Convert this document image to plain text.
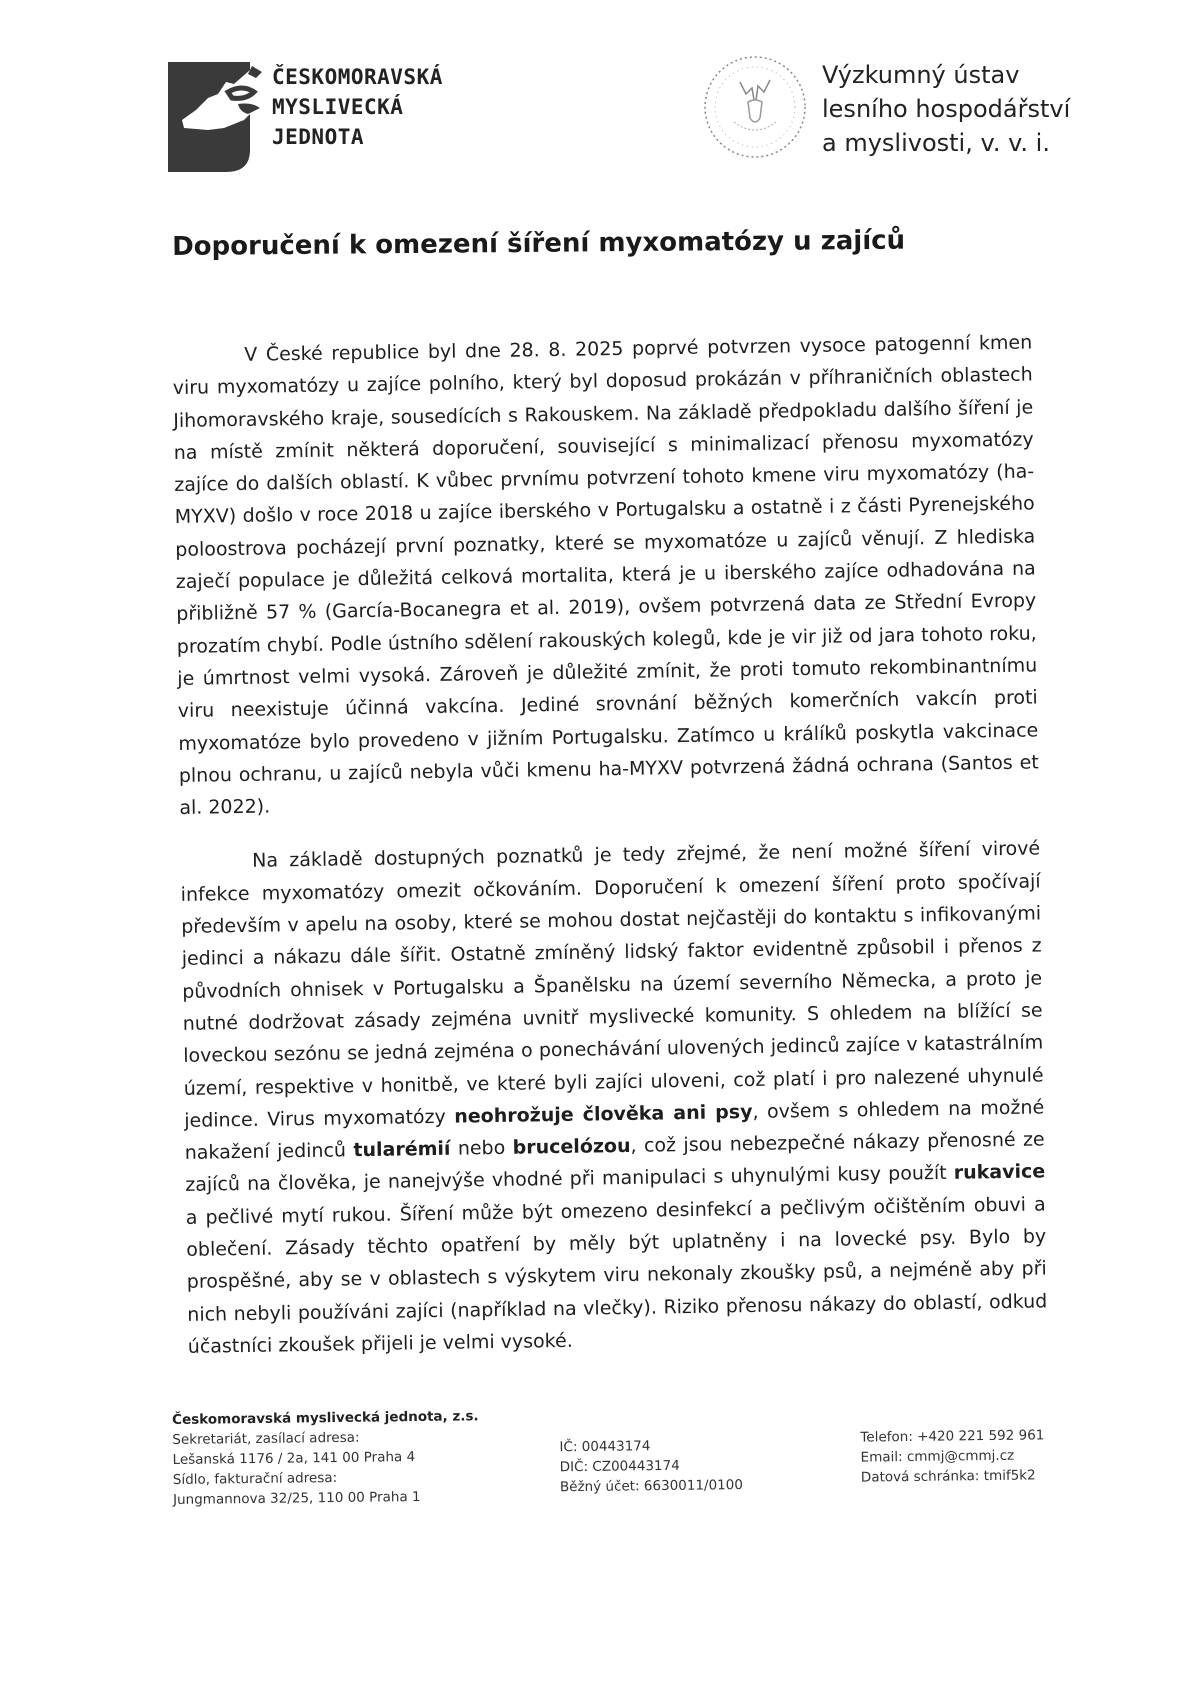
ČESKOMORAVSKÁ
MYSLIVECKÁ
JEDNOTA
Výzkumný ústav
lesního hospodářství
a myslivosti, v. v. i.
Doporučení k omezení šíření myxomatózy u zajíců

V České republice byl dne 28. 8. 2025 poprvé potvrzen vysoce patogenní kmen viru myxomatózy u zajíce polního, který byl doposud prokázán v příhraničních oblastech Jihomoravského kraje, sousedících s Rakouskem. Na základě předpokladu dalšího šíření je na místě zmínit některá doporučení, související s minimalizací přenosu myxomatózy zajíce do dalších oblastí. K vůbec prvnímu potvrzení tohoto kmene viru myxomatózy (ha-MYXV) došlo v roce 2018 u zajíce iberského v Portugalsku a ostatně i z části Pyrenejského poloostrova pocházejí první poznatky, které se myxomatóze u zajíců věnují. Z hlediska zaječí populace je důležitá celková mortalita, která je u iberského zajíce odhadována na přibližně 57 % (García-Bocanegra et al. 2019), ovšem potvrzená data ze Střední Evropy prozatím chybí. Podle ústního sdělení rakouských kolegů, kde je vir již od jara tohoto roku, je úmrtnost velmi vysoká. Zároveň je důležité zmínit, že proti tomuto rekombinantnímu viru neexistuje účinná vakcína. Jediné srovnání běžných komerčních vakcín proti myxomatóze bylo provedeno v jižním Portugalsku. Zatímco u králíků poskytla vakcinace plnou ochranu, u zajíců nebyla vůči kmenu ha-MYXV potvrzená žádná ochrana (Santos et al. 2022).

Na základě dostupných poznatků je tedy zřejmé, že není možné šíření virové infekce myxomatózy omezit očkováním. Doporučení k omezení šíření proto spočívají především v apelu na osoby, které se mohou dostat nejčastěji do kontaktu s infikovanými jedinci a nákazu dále šířit. Ostatně zmíněný lidský faktor evidentně způsobil i přenos z původních ohnisek v Portugalsku a Španělsku na území severního Německa, a proto je nutné dodržovat zásady zejména uvnitř myslivecké komunity. S ohledem na blížící se loveckou sezónu se jedná zejména o ponechávání ulovených jedinců zajíce v katastrálním území, respektive v honitbě, ve které byli zajíci uloveni, což platí i pro nalezené uhynulé jedince. Virus myxomatózy neohrožuje člověka ani psy, ovšem s ohledem na možné nakažení jedinců tularémií nebo brucelózou, což jsou nebezpečné nákazy přenosné ze zajíců na člověka, je nanejvýše vhodné při manipulaci s uhynulými kusy použít rukavice a pečlivé mytí rukou. Šíření může být omezeno desinfekcí a pečlivým očištěním obuvi a oblečení. Zásady těchto opatření by měly být uplatněny i na lovecké psy. Bylo by prospěšné, aby se v oblastech s výskytem viru nekonaly zkoušky psů, a nejméně aby při nich nebyli používáni zajíci (například na vlečky). Riziko přenosu nákazy do oblastí, odkud účastníci zkoušek přijeli je velmi vysoké.

Českomoravská myslivecká jednota, z.s.
Sekretariát, zasílací adresa:
Lešanská 1176 / 2a, 141 00 Praha 4
Sídlo, fakturační adresa:
Jungmannova 32/25, 110 00 Praha 1
IČ: 00443174
DIČ: CZ00443174
Běžný účet: 6630011/0100
Telefon: +420 221 592 961
Email: cmmj@cmmj.cz
Datová schránka: tmif5k2
